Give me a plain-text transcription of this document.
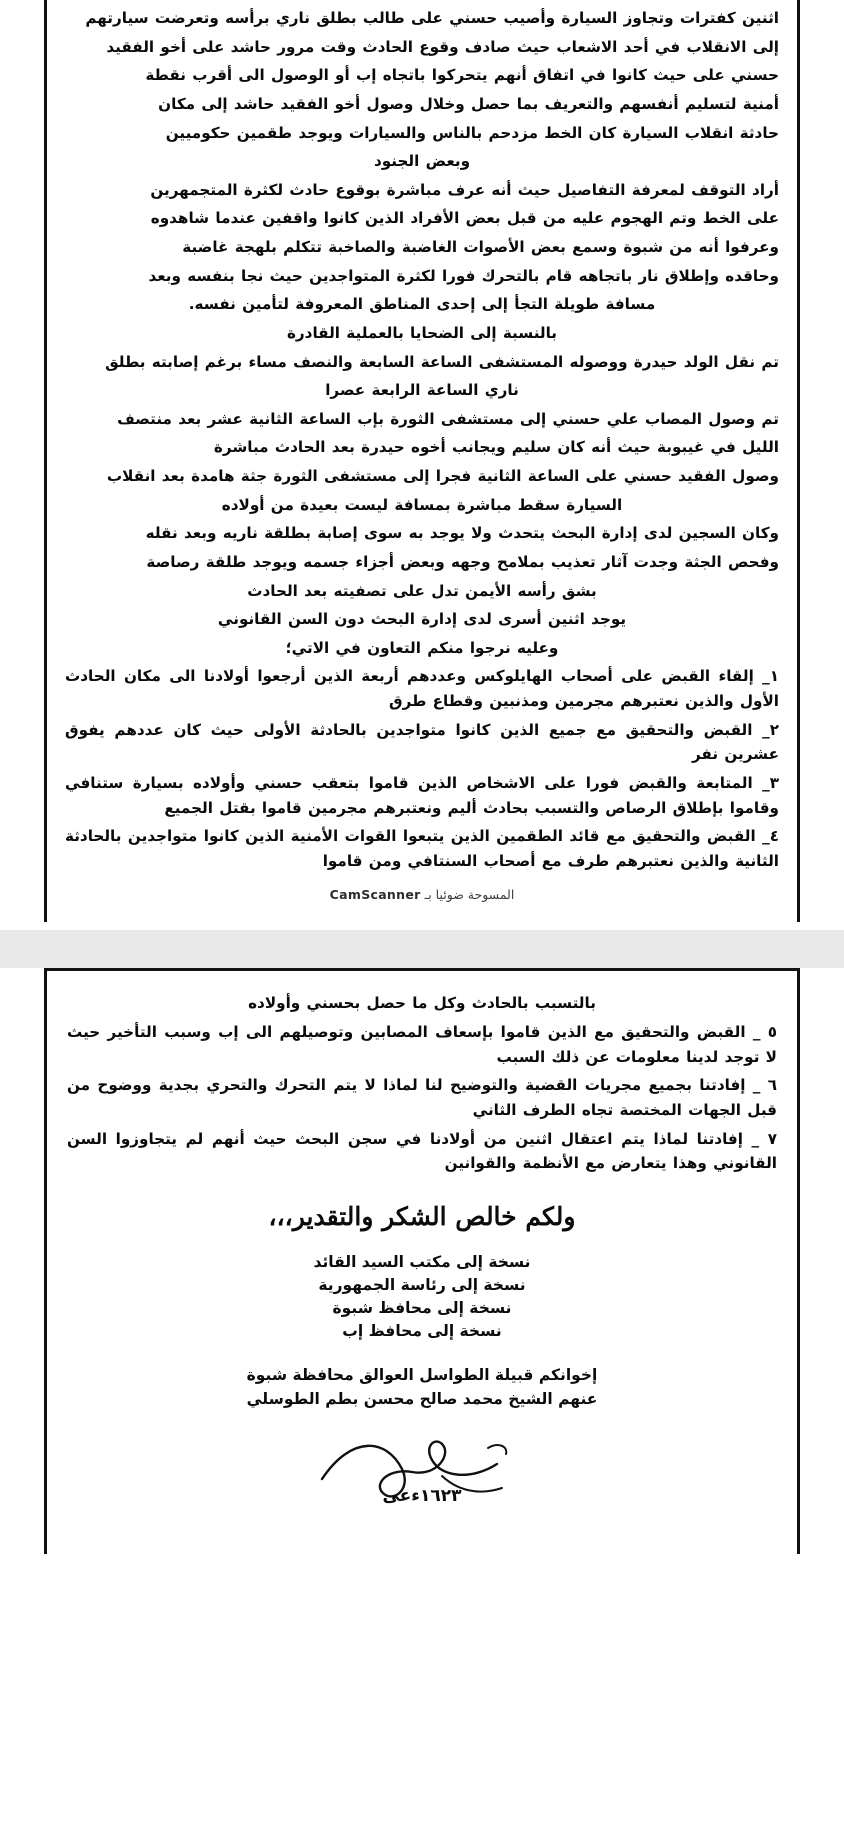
اثنين كفترات وتجاوز السيارة وأصيب حسني على طالب بطلق ناري برأسه وتعرضت سيارتهم

إلى الانقلاب في أحد الاشعاب حيث صادف وقوع الحادث وقت مرور حاشد على أخو الفقيد

حسني على حيث كانوا في اتفاق أنهم يتحركوا باتجاه إب أو الوصول الى أقرب نقطة

أمنية لتسليم أنفسهم والتعريف بما حصل وخلال وصول أخو الفقيد حاشد إلى مكان

حادثة انقلاب السيارة كان الخط مزدحم بالناس والسيارات ويوجد طقمين حكوميين

وبعض الجنود

أراد التوقف لمعرفة التفاصيل حيث أنه عرف مباشرة بوقوع حادث لكثرة المتجمهرين

على الخط وتم الهجوم عليه من قبل بعض الأفراد الذين كانوا واقفين عندما شاهدوه

وعرفوا أنه من شبوة وسمع بعض الأصوات الغاضبة والصاخبة تتكلم بلهجة غاضبة

وحاقده وإطلاق نار باتجاهه قام بالتحرك فورا لكثرة المتواجدين حيث نجا بنفسه وبعد

مسافة طويلة التجأ إلى إحدى المناطق المعروفة لتأمين نفسه.

بالنسبة إلى الضحايا بالعملية القادرة

تم نقل الولد حيدرة ووصوله المستشفى الساعة السابعة والنصف مساء برغم إصابته بطلق

ناري الساعة الرابعة عصرا

تم وصول المصاب علي حسني إلى مستشفى الثورة بإب الساعة الثانية عشر بعد منتصف

الليل في غيبوبة حيث أنه كان سليم ويجانب أخوه حيدرة بعد الحادث مباشرة

وصول الفقيد حسني على الساعة الثانية فجرا إلى مستشفى الثورة جثة هامدة بعد انقلاب

السيارة سقط مباشرة بمسافة ليست بعيدة من أولاده

وكان السجين لدى إدارة البحث يتحدث ولا يوجد به سوى إصابة بطلقة ناريه وبعد نقله

وفحص الجثة وجدت آثار تعذيب بملامح وجهه وبعض أجزاء جسمه ويوجد طلقة رصاصة

بشق رأسه الأيمن تدل على تصفيته بعد الحادث

يوجد اثنين أسرى لدى إدارة البحث دون السن القانوني

وعليه نرجوا منكم التعاون في الاتي؛

١_ إلقاء القبض على أصحاب الهايلوكس وعددهم أربعة الذين أرجعوا أولادنا الى مكان الحادث الأول والذين نعتبرهم مجرمين ومذنبين وقطاع طرق

٢_ القبض والتحقيق مع جميع الذين كانوا متواجدين بالحادثة الأولى حيث كان عددهم يفوق عشرين نفر

٣_ المتابعة والقبض فورا على الاشخاص الذين قاموا بتعقب حسني وأولاده بسيارة ستنافي وقاموا بإطلاق الرصاص والتسبب بحادث أليم ونعتبرهم مجرمين قاموا بقتل الجميع

٤_ القبض والتحقيق مع قائد الطقمين الذين يتبعوا القوات الأمنية الذين كانوا متواجدين بالحادثة الثانية والذين نعتبرهم طرف مع أصحاب السنتافي ومن قاموا

المسوحة ضوئيا بـ CamScanner

بالتسبب بالحادث وكل ما حصل بحسني وأولاده

٥ _ القبض والتحقيق مع الذين قاموا بإسعاف المصابين وتوصيلهم الى إب وسبب التأخير حيث لا توجد لدينا معلومات عن ذلك السبب

٦ _ إفادتنا بجميع مجريات القضية والتوضيح لنا لماذا لا يتم التحرك والتحري بجدية ووضوح من قبل الجهات المختصة تجاه الطرف الثاني

٧ _ إفادتنا لماذا يتم اعتقال اثنين من أولادنا في سجن البحث حيث أنهم لم يتجاوزوا السن القانوني وهذا يتعارض مع الأنظمة والقوانين

ولكم خالص الشكر والتقدير،،،

نسخة إلى مكتب السيد القائد

نسخة إلى رئاسة الجمهورية

نسخة إلى محافظ شبوة

نسخة إلى محافظ إب

إخوانكم قبيلة الطواسل العوالق محافظة شبوة

عنهم الشيخ محمد صالح محسن بطم الطوسلي

١٦٢٣ءعى
